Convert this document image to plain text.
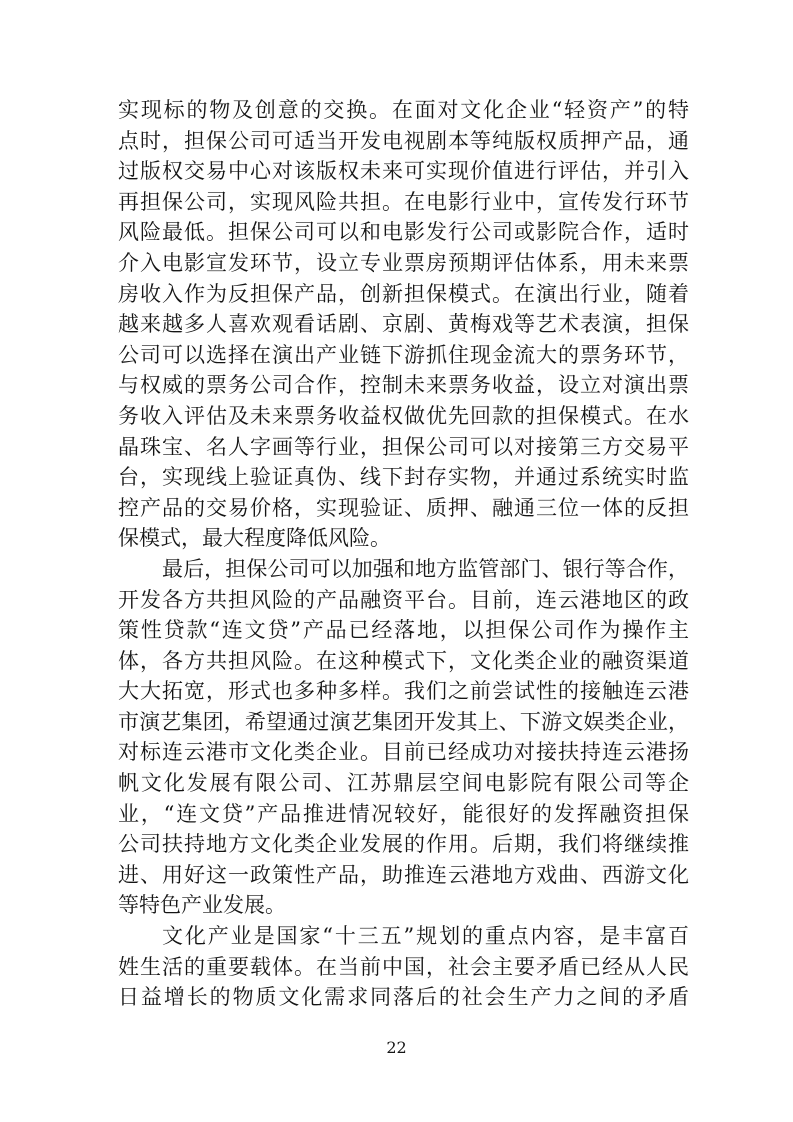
实现标的物及创意的交换。在面对文化企业“轻资产”的特
点时，担保公司可适当开发电视剧本等纯版权质押产品，通
过版权交易中心对该版权未来可实现价值进行评估，并引入
再担保公司，实现风险共担。在电影行业中，宣传发行环节
风险最低。担保公司可以和电影发行公司或影院合作，适时
介入电影宣发环节，设立专业票房预期评估体系，用未来票
房收入作为反担保产品，创新担保模式。在演出行业，随着
越来越多人喜欢观看话剧、京剧、黄梅戏等艺术表演，担保
公司可以选择在演出产业链下游抓住现金流大的票务环节，
与权威的票务公司合作，控制未来票务收益，设立对演出票
务收入评估及未来票务收益权做优先回款的担保模式。在水
晶珠宝、名人字画等行业，担保公司可以对接第三方交易平
台，实现线上验证真伪、线下封存实物，并通过系统实时监
控产品的交易价格，实现验证、质押、融通三位一体的反担
保模式，最大程度降低风险。
最后，担保公司可以加强和地方监管部门、银行等合作，
开发各方共担风险的产品融资平台。目前，连云港地区的政
策性贷款“连文贷”产品已经落地，以担保公司作为操作主
体，各方共担风险。在这种模式下，文化类企业的融资渠道
大大拓宽，形式也多种多样。我们之前尝试性的接触连云港
市演艺集团，希望通过演艺集团开发其上、下游文娱类企业，
对标连云港市文化类企业。目前已经成功对接扶持连云港扬
帆文化发展有限公司、江苏鼎层空间电影院有限公司等企
业，“连文贷”产品推进情况较好，能很好的发挥融资担保
公司扶持地方文化类企业发展的作用。后期，我们将继续推
进、用好这一政策性产品，助推连云港地方戏曲、西游文化
等特色产业发展。
文化产业是国家“十三五”规划的重点内容，是丰富百
姓生活的重要载体。在当前中国，社会主要矛盾已经从人民
日益增长的物质文化需求同落后的社会生产力之间的矛盾
22
